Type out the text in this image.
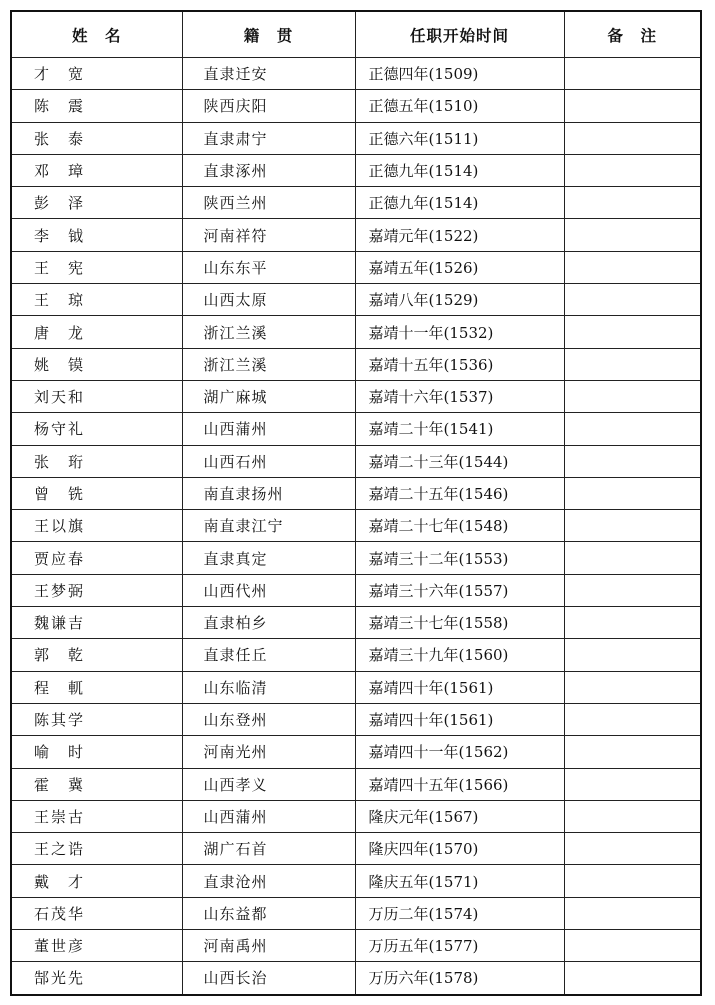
姓　名	籍　贯	任职开始时间	备　注
才　宽	直隶迁安	正德四年(1509)	
陈　震	陕西庆阳	正德五年(1510)	
张　泰	直隶肃宁	正德六年(1511)	
邓　璋	直隶涿州	正德九年(1514)	
彭　泽	陕西兰州	正德九年(1514)	
李　钺	河南祥符	嘉靖元年(1522)	
王　宪	山东东平	嘉靖五年(1526)	
王　琼	山西太原	嘉靖八年(1529)	
唐　龙	浙江兰溪	嘉靖十一年(1532)	
姚　镆	浙江兰溪	嘉靖十五年(1536)	
刘天和	湖广麻城	嘉靖十六年(1537)	
杨守礼	山西蒲州	嘉靖二十年(1541)	
张　珩	山西石州	嘉靖二十三年(1544)	
曾　铣	南直隶扬州	嘉靖二十五年(1546)	
王以旗	南直隶江宁	嘉靖二十七年(1548)	
贾应春	直隶真定	嘉靖三十二年(1553)	
王梦弼	山西代州	嘉靖三十六年(1557)	
魏谦吉	直隶柏乡	嘉靖三十七年(1558)	
郭　乾	直隶任丘	嘉靖三十九年(1560)	
程　軏	山东临清	嘉靖四十年(1561)	
陈其学	山东登州	嘉靖四十年(1561)	
喻　时	河南光州	嘉靖四十一年(1562)	
霍　冀	山西孝义	嘉靖四十五年(1566)	
王崇古	山西蒲州	隆庆元年(1567)	
王之诰	湖广石首	隆庆四年(1570)	
戴　才	直隶沧州	隆庆五年(1571)	
石茂华	山东益都	万历二年(1574)	
董世彦	河南禹州	万历五年(1577)	
郜光先	山西长治	万历六年(1578)	
